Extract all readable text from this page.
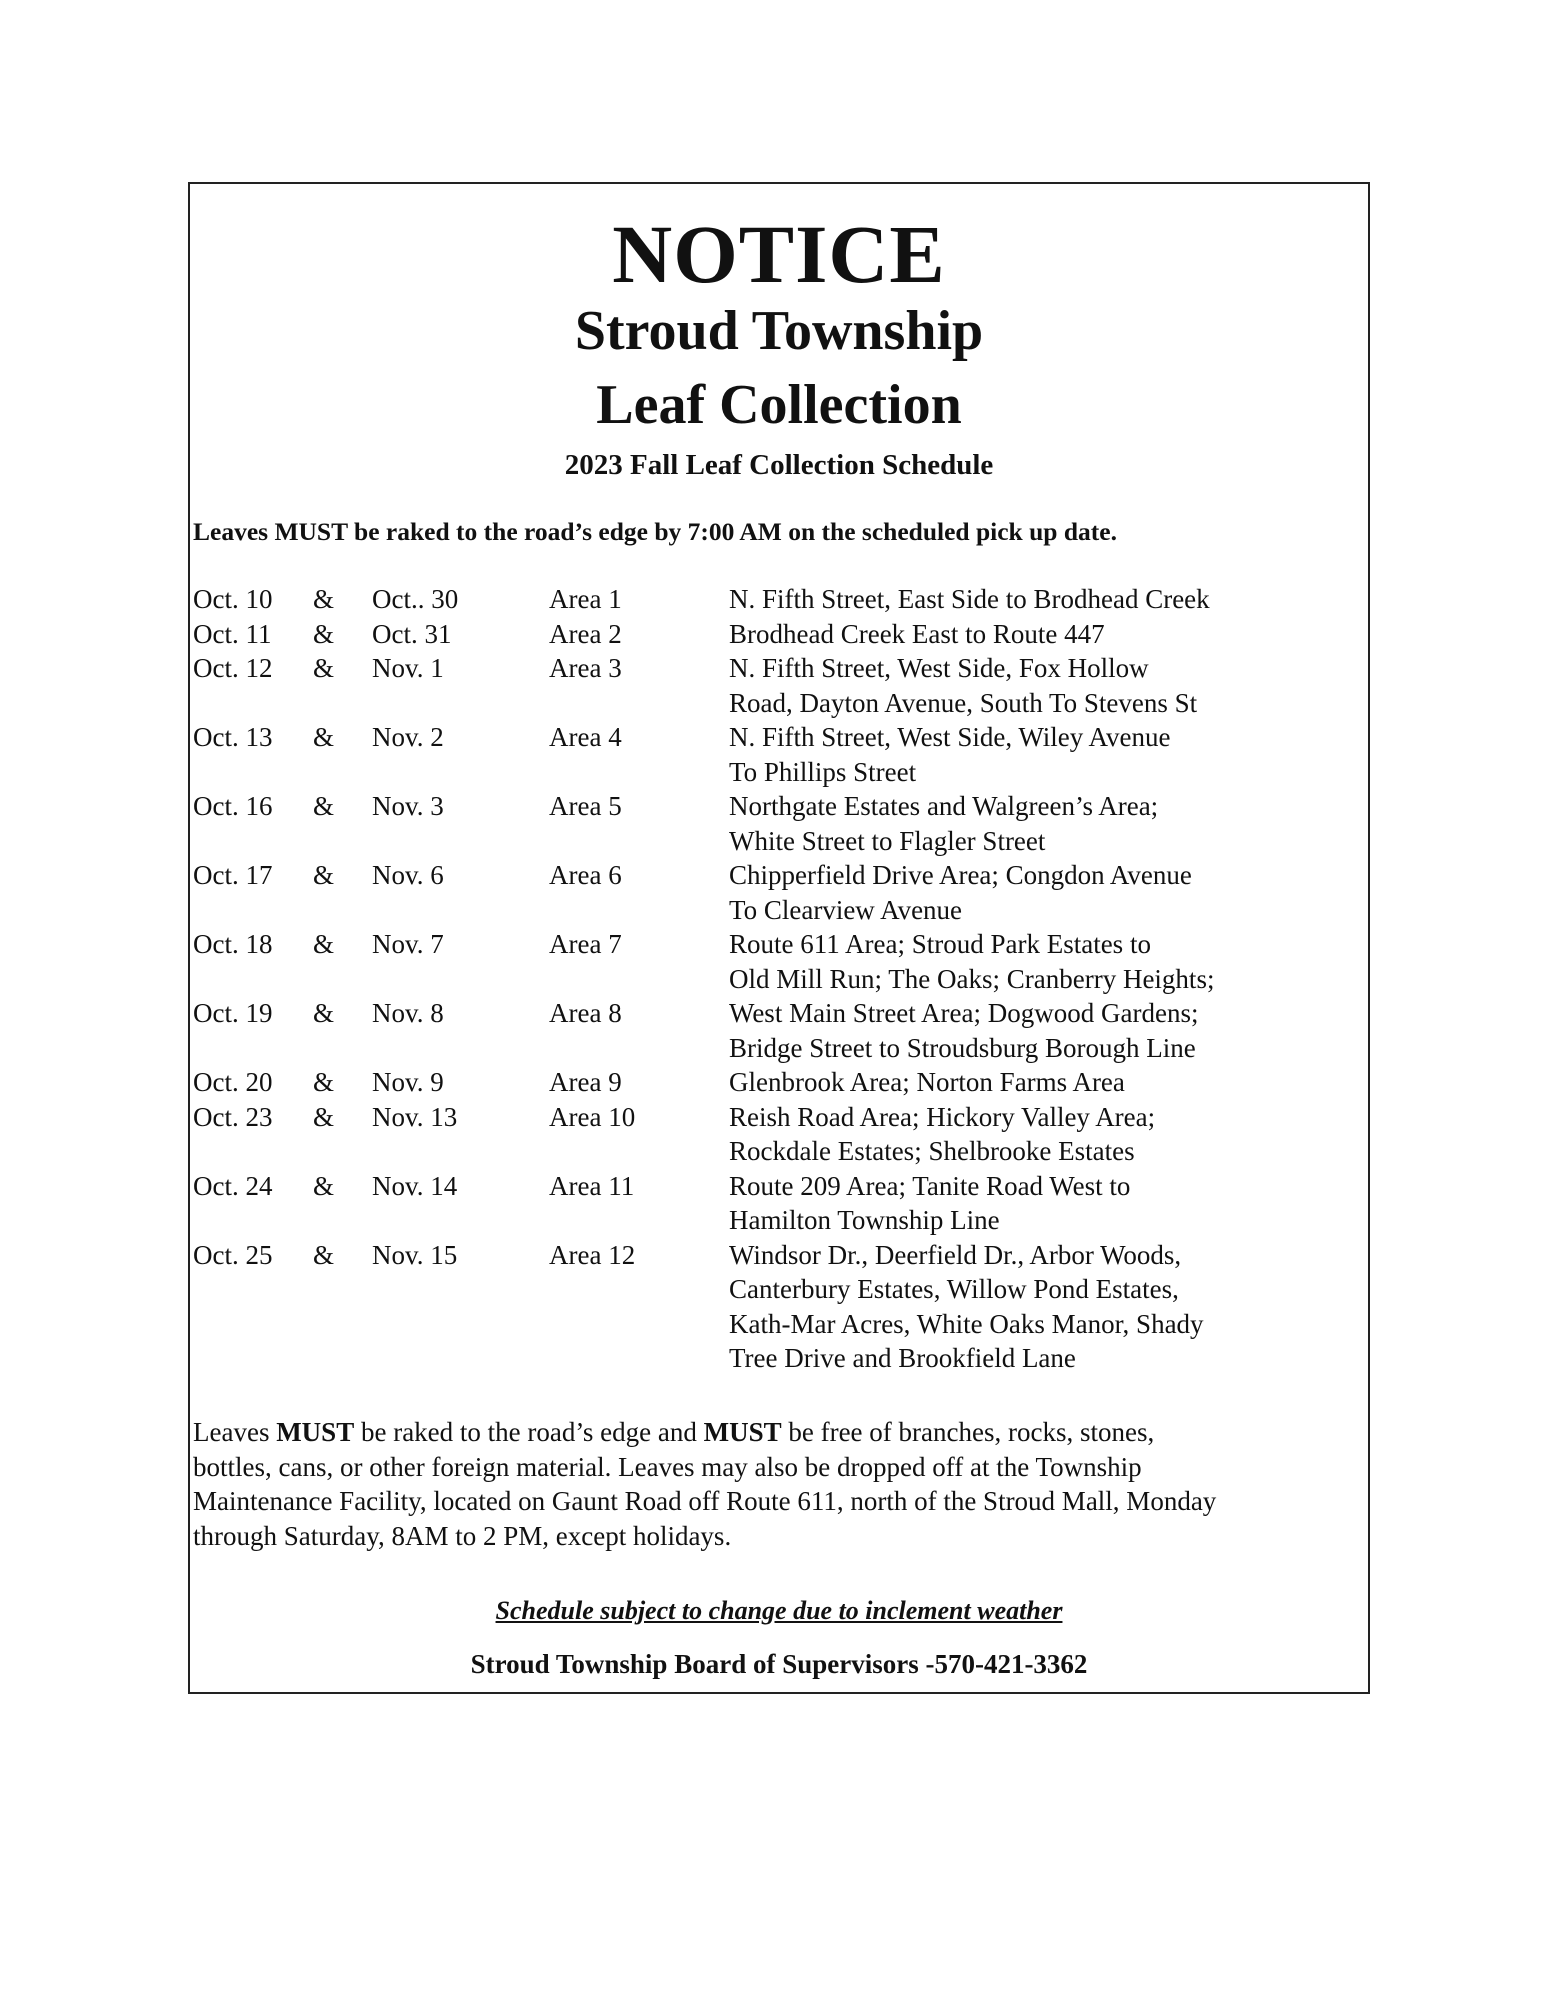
NOTICE
Stroud Township
Leaf Collection
2023 Fall Leaf Collection Schedule
Leaves MUST be raked to the road’s edge by 7:00 AM on the scheduled pick up date.
Oct. 10 & Oct.. 30	Area 1	N. Fifth Street, East Side to Brodhead Creek
Oct. 11 & Oct. 31	Area 2	Brodhead Creek East to Route 447
Oct. 12 & Nov. 1	Area 3	N. Fifth Street, West Side, Fox Hollow
Road, Dayton Avenue, South To Stevens St
Oct. 13 & Nov. 2	Area 4	N. Fifth Street, West Side, Wiley Avenue
To Phillips Street
Oct. 16 & Nov. 3	Area 5	Northgate Estates and Walgreen’s Area;
White Street to Flagler Street
Oct. 17 & Nov. 6	Area 6	Chipperfield Drive Area; Congdon Avenue
To Clearview Avenue
Oct. 18 & Nov. 7	Area 7	Route 611 Area; Stroud Park Estates to
Old Mill Run; The Oaks; Cranberry Heights;
Oct. 19 & Nov. 8	Area 8	West Main Street Area; Dogwood Gardens;
Bridge Street to Stroudsburg Borough Line
Oct. 20 & Nov. 9	Area 9	Glenbrook Area; Norton Farms Area
Oct. 23 & Nov. 13	Area 10	Reish Road Area; Hickory Valley Area;
Rockdale Estates; Shelbrooke Estates
Oct. 24 & Nov. 14	Area 11	Route 209 Area; Tanite Road West to
Hamilton Township Line
Oct. 25 & Nov. 15	Area 12	Windsor Dr., Deerfield Dr., Arbor Woods,
Canterbury Estates, Willow Pond Estates,
Kath-Mar Acres, White Oaks Manor, Shady
Tree Drive and Brookfield Lane
Leaves MUST be raked to the road’s edge and MUST be free of branches, rocks, stones,
bottles, cans, or other foreign material. Leaves may also be dropped off at the Township
Maintenance Facility, located on Gaunt Road off Route 611, north of the Stroud Mall, Monday
through Saturday, 8AM to 2 PM, except holidays.
Schedule subject to change due to inclement weather
Stroud Township Board of Supervisors -570-421-3362
